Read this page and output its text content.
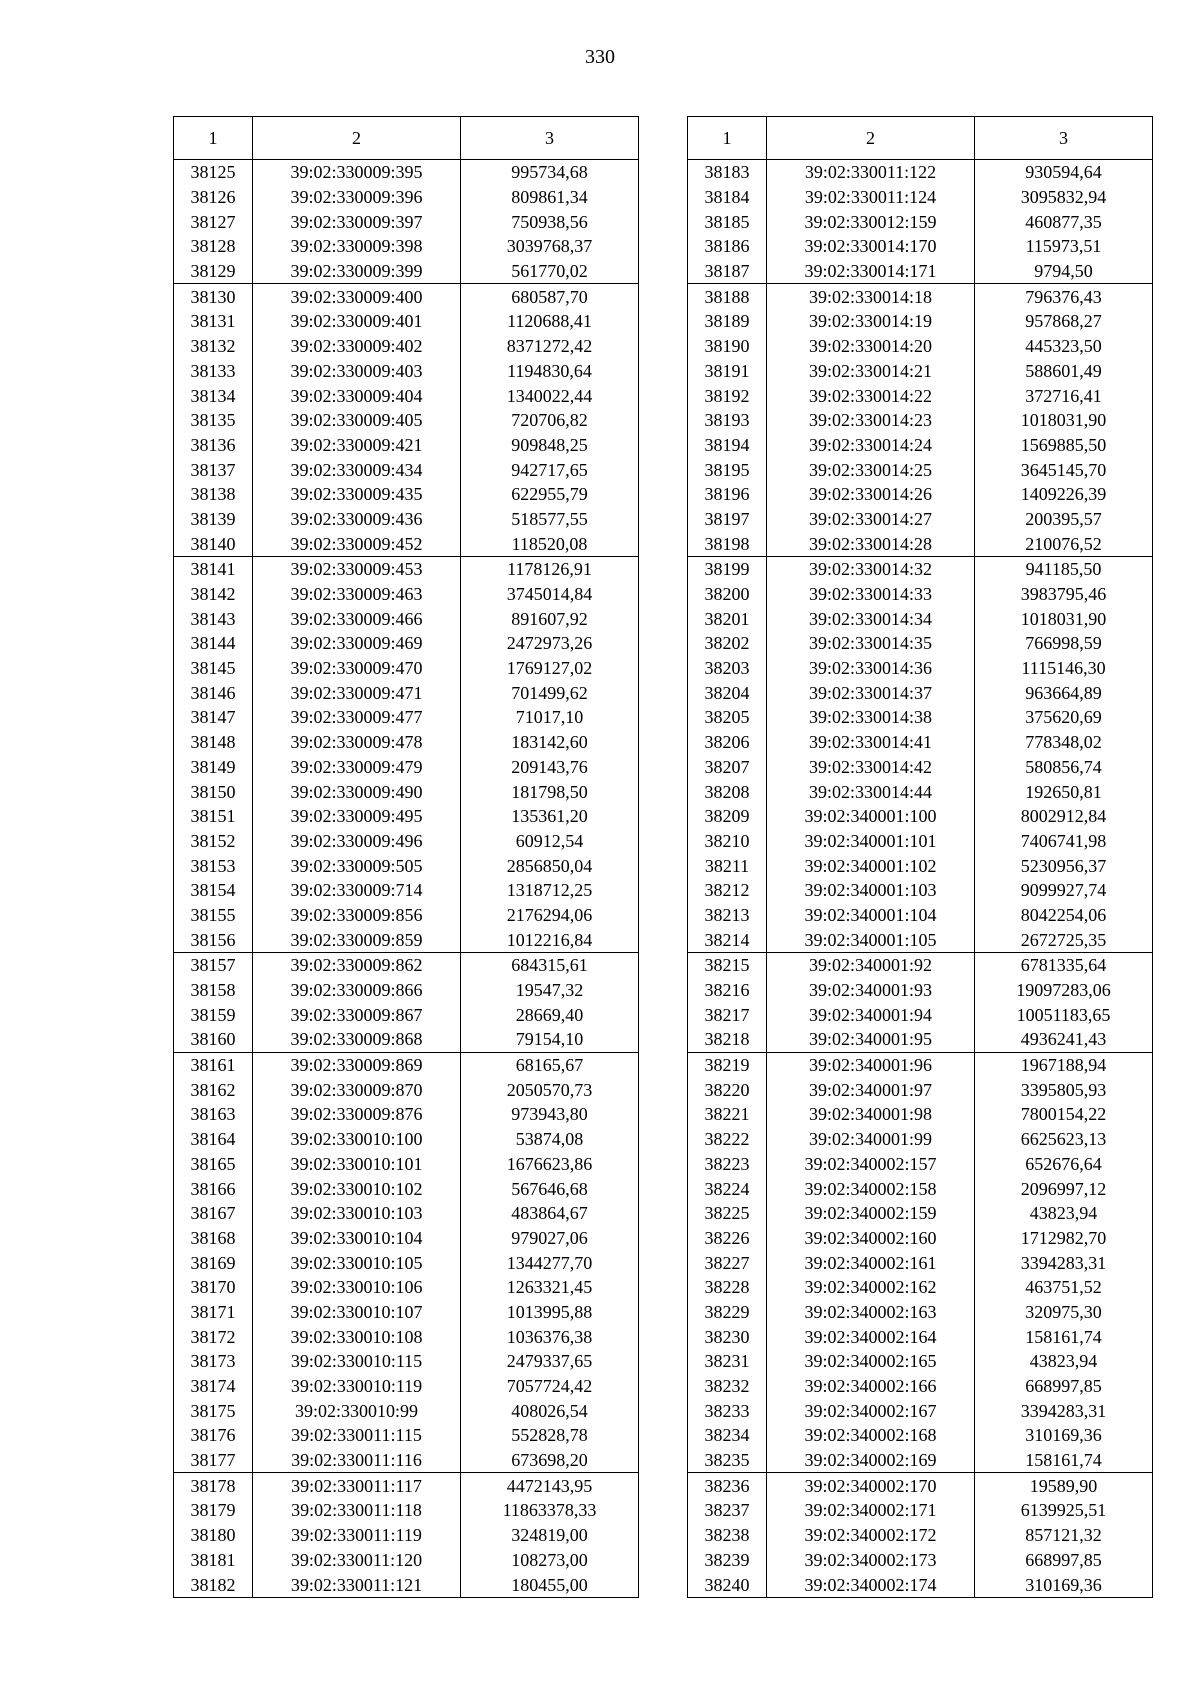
330
1	2	3
38125	39:02:330009:395	995734,68
38126	39:02:330009:396	809861,34
38127	39:02:330009:397	750938,56
38128	39:02:330009:398	3039768,37
38129	39:02:330009:399	561770,02
38130	39:02:330009:400	680587,70
38131	39:02:330009:401	1120688,41
38132	39:02:330009:402	8371272,42
38133	39:02:330009:403	1194830,64
38134	39:02:330009:404	1340022,44
38135	39:02:330009:405	720706,82
38136	39:02:330009:421	909848,25
38137	39:02:330009:434	942717,65
38138	39:02:330009:435	622955,79
38139	39:02:330009:436	518577,55
38140	39:02:330009:452	118520,08
38141	39:02:330009:453	1178126,91
38142	39:02:330009:463	3745014,84
38143	39:02:330009:466	891607,92
38144	39:02:330009:469	2472973,26
38145	39:02:330009:470	1769127,02
38146	39:02:330009:471	701499,62
38147	39:02:330009:477	71017,10
38148	39:02:330009:478	183142,60
38149	39:02:330009:479	209143,76
38150	39:02:330009:490	181798,50
38151	39:02:330009:495	135361,20
38152	39:02:330009:496	60912,54
38153	39:02:330009:505	2856850,04
38154	39:02:330009:714	1318712,25
38155	39:02:330009:856	2176294,06
38156	39:02:330009:859	1012216,84
38157	39:02:330009:862	684315,61
38158	39:02:330009:866	19547,32
38159	39:02:330009:867	28669,40
38160	39:02:330009:868	79154,10
38161	39:02:330009:869	68165,67
38162	39:02:330009:870	2050570,73
38163	39:02:330009:876	973943,80
38164	39:02:330010:100	53874,08
38165	39:02:330010:101	1676623,86
38166	39:02:330010:102	567646,68
38167	39:02:330010:103	483864,67
38168	39:02:330010:104	979027,06
38169	39:02:330010:105	1344277,70
38170	39:02:330010:106	1263321,45
38171	39:02:330010:107	1013995,88
38172	39:02:330010:108	1036376,38
38173	39:02:330010:115	2479337,65
38174	39:02:330010:119	7057724,42
38175	39:02:330010:99	408026,54
38176	39:02:330011:115	552828,78
38177	39:02:330011:116	673698,20
38178	39:02:330011:117	4472143,95
38179	39:02:330011:118	11863378,33
38180	39:02:330011:119	324819,00
38181	39:02:330011:120	108273,00
38182	39:02:330011:121	180455,00
1	2	3
38183	39:02:330011:122	930594,64
38184	39:02:330011:124	3095832,94
38185	39:02:330012:159	460877,35
38186	39:02:330014:170	115973,51
38187	39:02:330014:171	9794,50
38188	39:02:330014:18	796376,43
38189	39:02:330014:19	957868,27
38190	39:02:330014:20	445323,50
38191	39:02:330014:21	588601,49
38192	39:02:330014:22	372716,41
38193	39:02:330014:23	1018031,90
38194	39:02:330014:24	1569885,50
38195	39:02:330014:25	3645145,70
38196	39:02:330014:26	1409226,39
38197	39:02:330014:27	200395,57
38198	39:02:330014:28	210076,52
38199	39:02:330014:32	941185,50
38200	39:02:330014:33	3983795,46
38201	39:02:330014:34	1018031,90
38202	39:02:330014:35	766998,59
38203	39:02:330014:36	1115146,30
38204	39:02:330014:37	963664,89
38205	39:02:330014:38	375620,69
38206	39:02:330014:41	778348,02
38207	39:02:330014:42	580856,74
38208	39:02:330014:44	192650,81
38209	39:02:340001:100	8002912,84
38210	39:02:340001:101	7406741,98
38211	39:02:340001:102	5230956,37
38212	39:02:340001:103	9099927,74
38213	39:02:340001:104	8042254,06
38214	39:02:340001:105	2672725,35
38215	39:02:340001:92	6781335,64
38216	39:02:340001:93	19097283,06
38217	39:02:340001:94	10051183,65
38218	39:02:340001:95	4936241,43
38219	39:02:340001:96	1967188,94
38220	39:02:340001:97	3395805,93
38221	39:02:340001:98	7800154,22
38222	39:02:340001:99	6625623,13
38223	39:02:340002:157	652676,64
38224	39:02:340002:158	2096997,12
38225	39:02:340002:159	43823,94
38226	39:02:340002:160	1712982,70
38227	39:02:340002:161	3394283,31
38228	39:02:340002:162	463751,52
38229	39:02:340002:163	320975,30
38230	39:02:340002:164	158161,74
38231	39:02:340002:165	43823,94
38232	39:02:340002:166	668997,85
38233	39:02:340002:167	3394283,31
38234	39:02:340002:168	310169,36
38235	39:02:340002:169	158161,74
38236	39:02:340002:170	19589,90
38237	39:02:340002:171	6139925,51
38238	39:02:340002:172	857121,32
38239	39:02:340002:173	668997,85
38240	39:02:340002:174	310169,36
